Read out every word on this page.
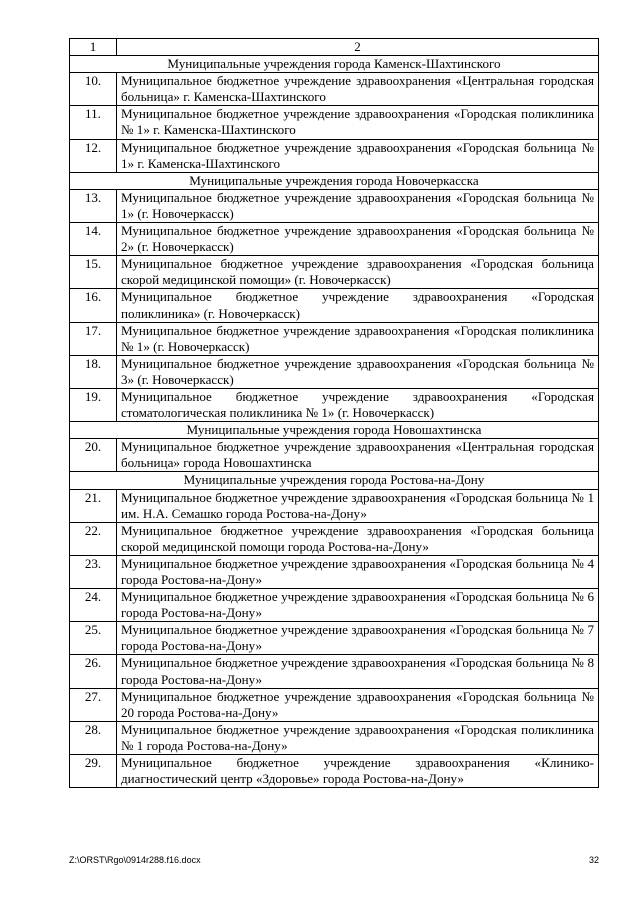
1	2
Муниципальные учреждения города Каменск-Шахтинского	
10.	Муниципальное бюджетное учреждение здравоохранения «Центральная городская больница» г. Каменска-Шахтинского
11.	Муниципальное бюджетное учреждение здравоохранения «Городская поликлиника № 1» г. Каменска-Шахтинского
12.	Муниципальное бюджетное учреждение здравоохранения «Городская больница № 1» г. Каменска-Шахтинского
Муниципальные учреждения города Новочеркасска	
13.	Муниципальное бюджетное учреждение здравоохранения «Городская больница № 1» (г. Новочеркасск)
14.	Муниципальное бюджетное учреждение здравоохранения «Городская больница № 2» (г. Новочеркасск)
15.	Муниципальное бюджетное учреждение здравоохранения «Городская больница скорой медицинской помощи» (г. Новочеркасск)
16.	Муниципальное бюджетное учреждение здравоохранения «Городская поликлиника» (г. Новочеркасск)
17.	Муниципальное бюджетное учреждение здравоохранения «Городская поликлиника № 1» (г. Новочеркасск)
18.	Муниципальное бюджетное учреждение здравоохранения «Городская больница № 3» (г. Новочеркасск)
19.	Муниципальное бюджетное учреждение здравоохранения «Городская стоматологическая поликлиника № 1» (г. Новочеркасск)
Муниципальные учреждения города Новошахтинска	
20.	Муниципальное бюджетное учреждение здравоохранения «Центральная городская больница» города Новошахтинска
Муниципальные учреждения города Ростова-на-Дону	
21.	Муниципальное бюджетное учреждение здравоохранения «Городская больница № 1 им. Н.А. Семашко города Ростова-на-Дону»
22.	Муниципальное бюджетное учреждение здравоохранения «Городская больница скорой медицинской помощи города Ростова-на-Дону»
23.	Муниципальное бюджетное учреждение здравоохранения «Городская больница № 4 города Ростова-на-Дону»
24.	Муниципальное бюджетное учреждение здравоохранения «Городская больница № 6 города Ростова-на-Дону»
25.	Муниципальное бюджетное учреждение здравоохранения «Городская больница № 7 города Ростова-на-Дону»
26.	Муниципальное бюджетное учреждение здравоохранения «Городская больница № 8 города Ростова-на-Дону»
27.	Муниципальное бюджетное учреждение здравоохранения «Городская больница № 20 города Ростова-на-Дону»
28.	Муниципальное бюджетное учреждение здравоохранения «Городская поликлиника № 1 города Ростова-на-Дону»
29.	Муниципальное бюджетное учреждение здравоохранения «Клинико-диагностический центр «Здоровье» города Ростова-на-Дону»
Z:\ORST\Rgo\0914r288.f16.docx	32
